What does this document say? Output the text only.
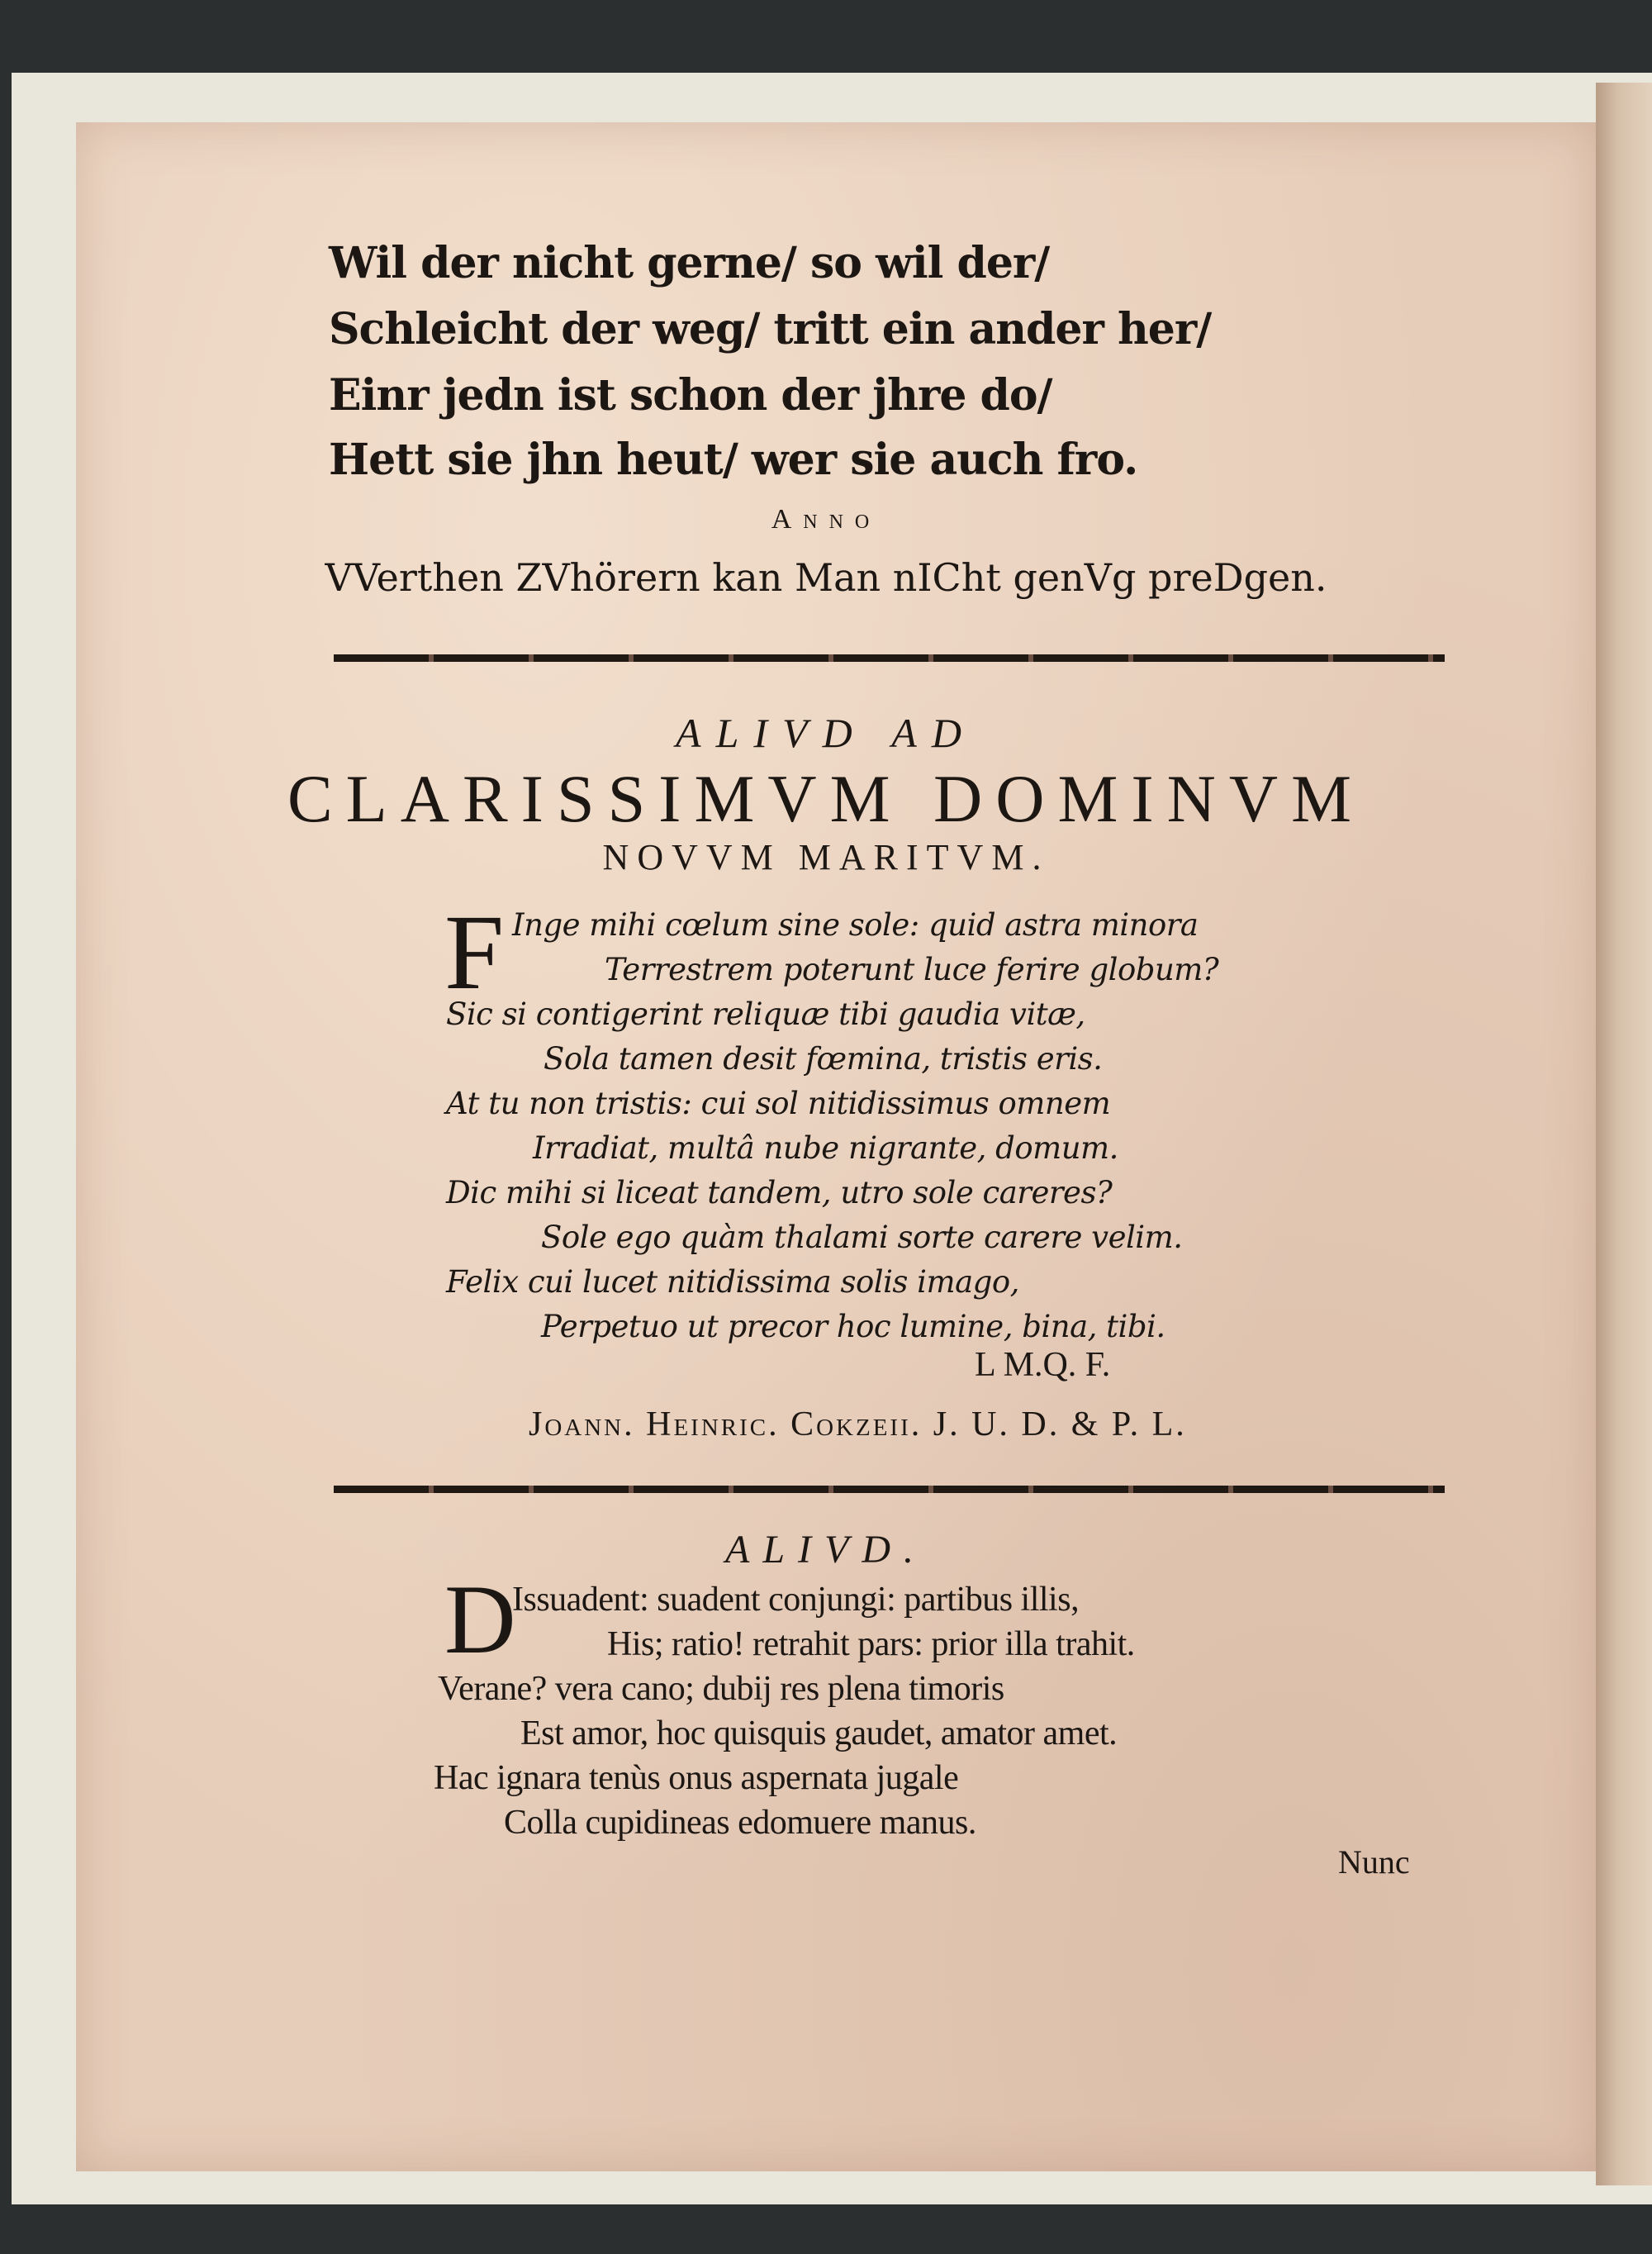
Wil der nicht gerne/ so wil der/
Schleicht der weg/ tritt ein ander her/
Einr jedn ist schon der jhre do/
Hett sie jhn heut/ wer sie auch fro.
Anno
VVerthen ZVhörern kan Man nICht genVg preDgen.
ALIVD AD
CLARISSIMVM DOMINVM
NOVVM MARITVM.
F Inge mihi cœlum sine sole: quid astra minora
Terrestrem poterunt luce ferire globum?
Sic si contigerint reliquæ tibi gaudia vitæ,
Sola tamen desit fœmina, tristis eris.
At tu non tristis: cui sol nitidissimus omnem
Irradiat, multâ nube nigrante, domum.
Dic mihi si liceat tandem, utro sole careres?
Sole ego quàm thalami sorte carere velim.
Felix cui lucet nitidissima solis imago,
Perpetuo ut precor hoc lumine, bina, tibi.
L M.Q. F.
Joann. Heinric. Cokzeii. J. U. D. & P. L.
ALIVD.
D
Issuadent: suadent conjungi: partibus illis,
His; ratio! retrahit pars: prior illa trahit.
Verane? vera cano; dubij res plena timoris
Est amor, hoc quisquis gaudet, amator amet.
Hac ignara tenùs onus aspernata jugale
Colla cupidineas edomuere manus.
Nunc
